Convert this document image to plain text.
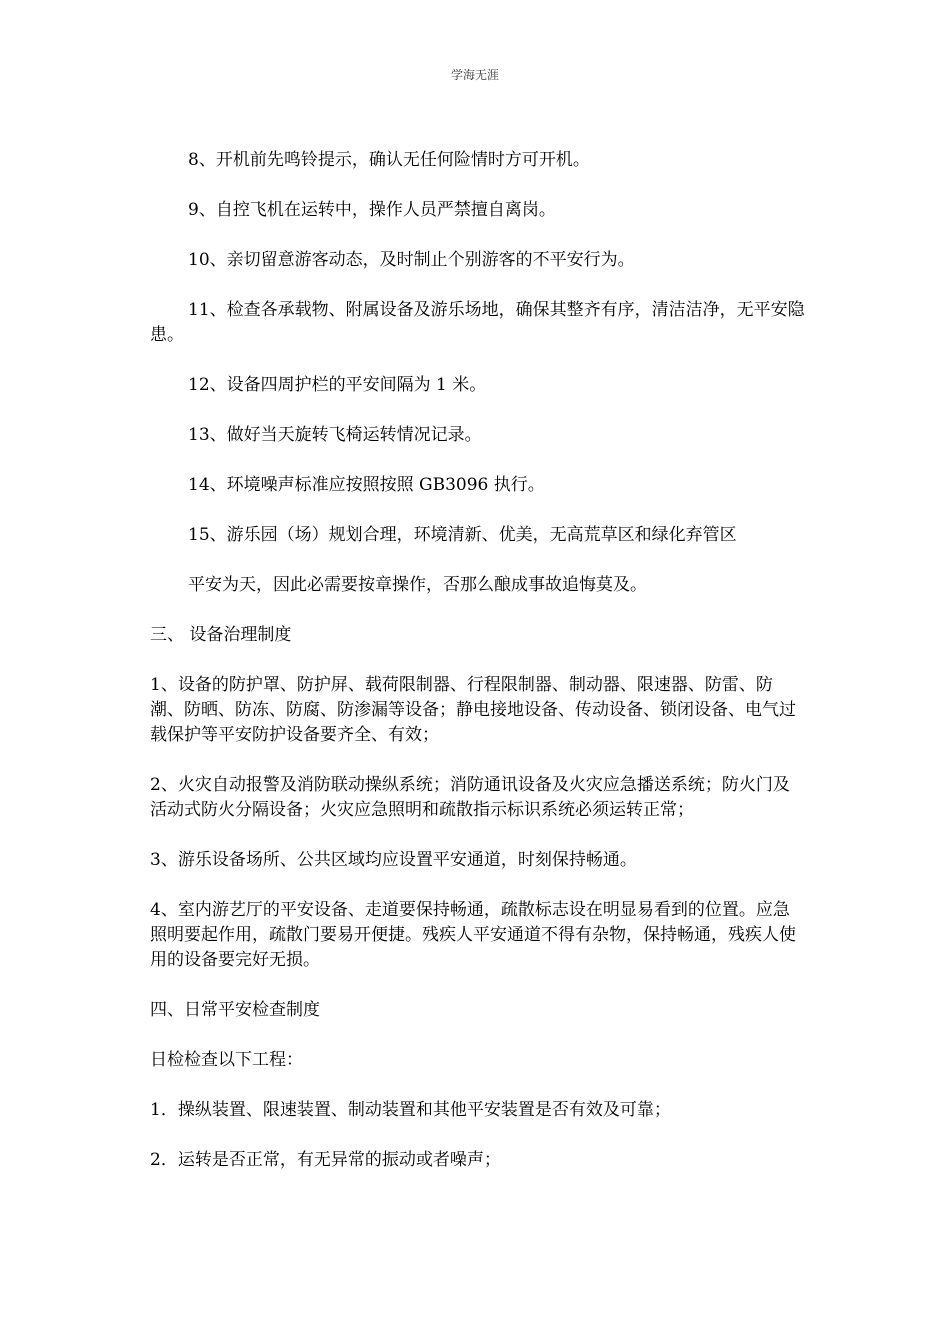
学海无涯

8、开机前先鸣铃提示，确认无任何险情时方可开机。

9、自控飞机在运转中，操作人员严禁擅自离岗。

10、亲切留意游客动态，及时制止个别游客的不平安行为。

11、检查各承载物、附属设备及游乐场地，确保其整齐有序，清洁洁净，无平安隐患。

12、设备四周护栏的平安间隔为 1 米。

13、做好当天旋转飞椅运转情况记录。

14、环境噪声标准应按照按照 GB3096 执行。

15、游乐园（场）规划合理，环境清新、优美，无高荒草区和绿化弃管区

平安为天，因此必需要按章操作，否那么酿成事故追悔莫及。

三、 设备治理制度

1、设备的防护罩、防护屏、载荷限制器、行程限制器、制动器、限速器、防雷、防潮、防晒、防冻、防腐、防渗漏等设备；静电接地设备、传动设备、锁闭设备、电气过载保护等平安防护设备要齐全、有效；

2、火灾自动报警及消防联动操纵系统；消防通讯设备及火灾应急播送系统；防火门及活动式防火分隔设备；火灾应急照明和疏散指示标识系统必须运转正常；

3、游乐设备场所、公共区域均应设置平安通道，时刻保持畅通。

4、室内游艺厅的平安设备、走道要保持畅通，疏散标志设在明显易看到的位置。应急照明要起作用，疏散门要易开便捷。残疾人平安通道不得有杂物，保持畅通，残疾人使用的设备要完好无损。

四、日常平安检查制度

日检检查以下工程：

1．操纵装置、限速装置、制动装置和其他平安装置是否有效及可靠；

2．运转是否正常，有无异常的振动或者噪声；
